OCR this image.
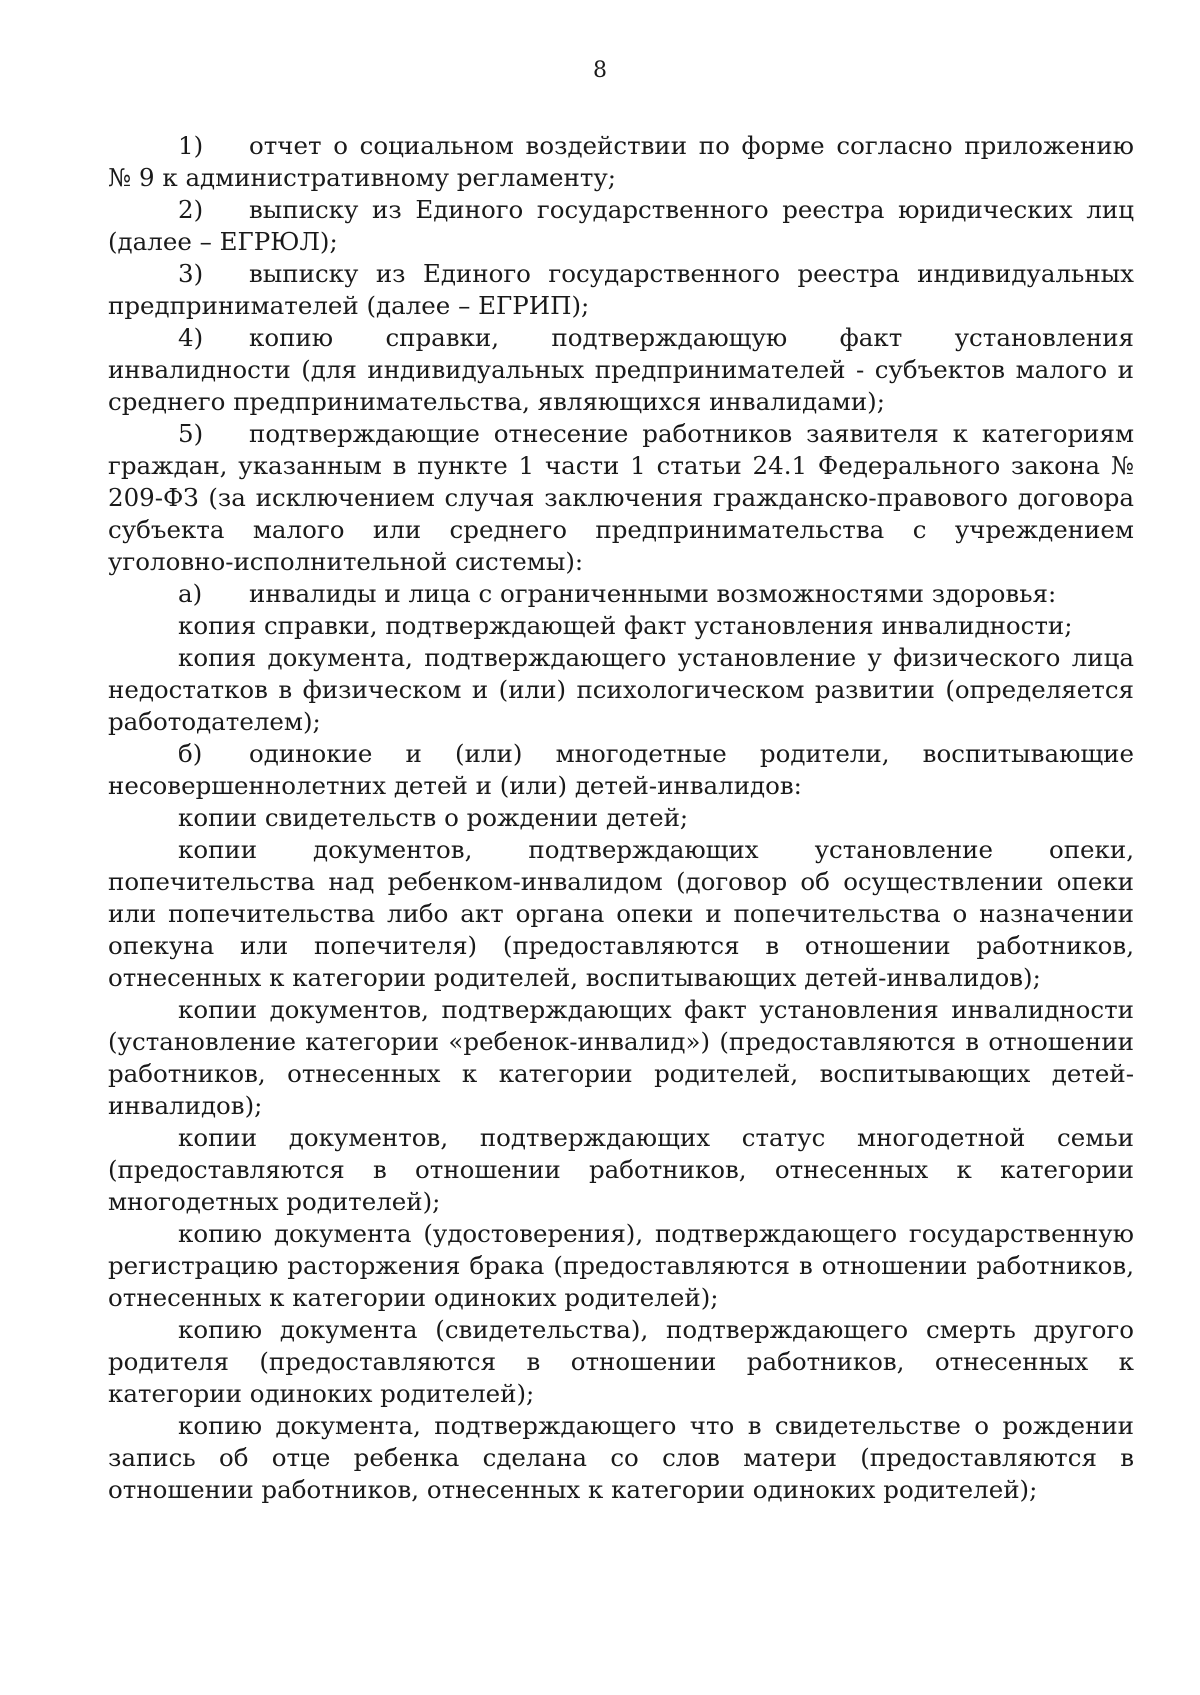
8

1) отчет о социальном воздействии по форме согласно приложению № 9 к административному регламенту;

2) выписку из Единого государственного реестра юридических лиц (далее – ЕГРЮЛ);

3) выписку из Единого государственного реестра индивидуальных предпринимателей (далее – ЕГРИП);

4) копию справки, подтверждающую факт установления инвалидности (для индивидуальных предпринимателей - субъектов малого и среднего предпринимательства, являющихся инвалидами);

5) подтверждающие отнесение работников заявителя к категориям граждан, указанным в пункте 1 части 1 статьи 24.1 Федерального закона № 209-ФЗ (за исключением случая заключения гражданско-правового договора субъекта малого или среднего предпринимательства с учреждением уголовно-исполнительной системы):

а) инвалиды и лица с ограниченными возможностями здоровья:

копия справки, подтверждающей факт установления инвалидности;

копия документа, подтверждающего установление у физического лица недостатков в физическом и (или) психологическом развитии (определяется работодателем);

б) одинокие и (или) многодетные родители, воспитывающие несовершеннолетних детей и (или) детей-инвалидов:

копии свидетельств о рождении детей;

копии документов, подтверждающих установление опеки, попечительства над ребенком-инвалидом (договор об осуществлении опеки или попечительства либо акт органа опеки и попечительства о назначении опекуна или попечителя) (предоставляются в отношении работников, отнесенных к категории родителей, воспитывающих детей-инвалидов);

копии документов, подтверждающих факт установления инвалидности (установление категории «ребенок-инвалид») (предоставляются в отношении работников, отнесенных к категории родителей, воспитывающих детей-инвалидов);

копии документов, подтверждающих статус многодетной семьи (предоставляются в отношении работников, отнесенных к категории многодетных родителей);

копию документа (удостоверения), подтверждающего государственную регистрацию расторжения брака (предоставляются в отношении работников, отнесенных к категории одиноких родителей);

копию документа (свидетельства), подтверждающего смерть другого родителя (предоставляются в отношении работников, отнесенных к категории одиноких родителей);

копию документа, подтверждающего что в свидетельстве о рождении запись об отце ребенка сделана со слов матери (предоставляются в отношении работников, отнесенных к категории одиноких родителей);
